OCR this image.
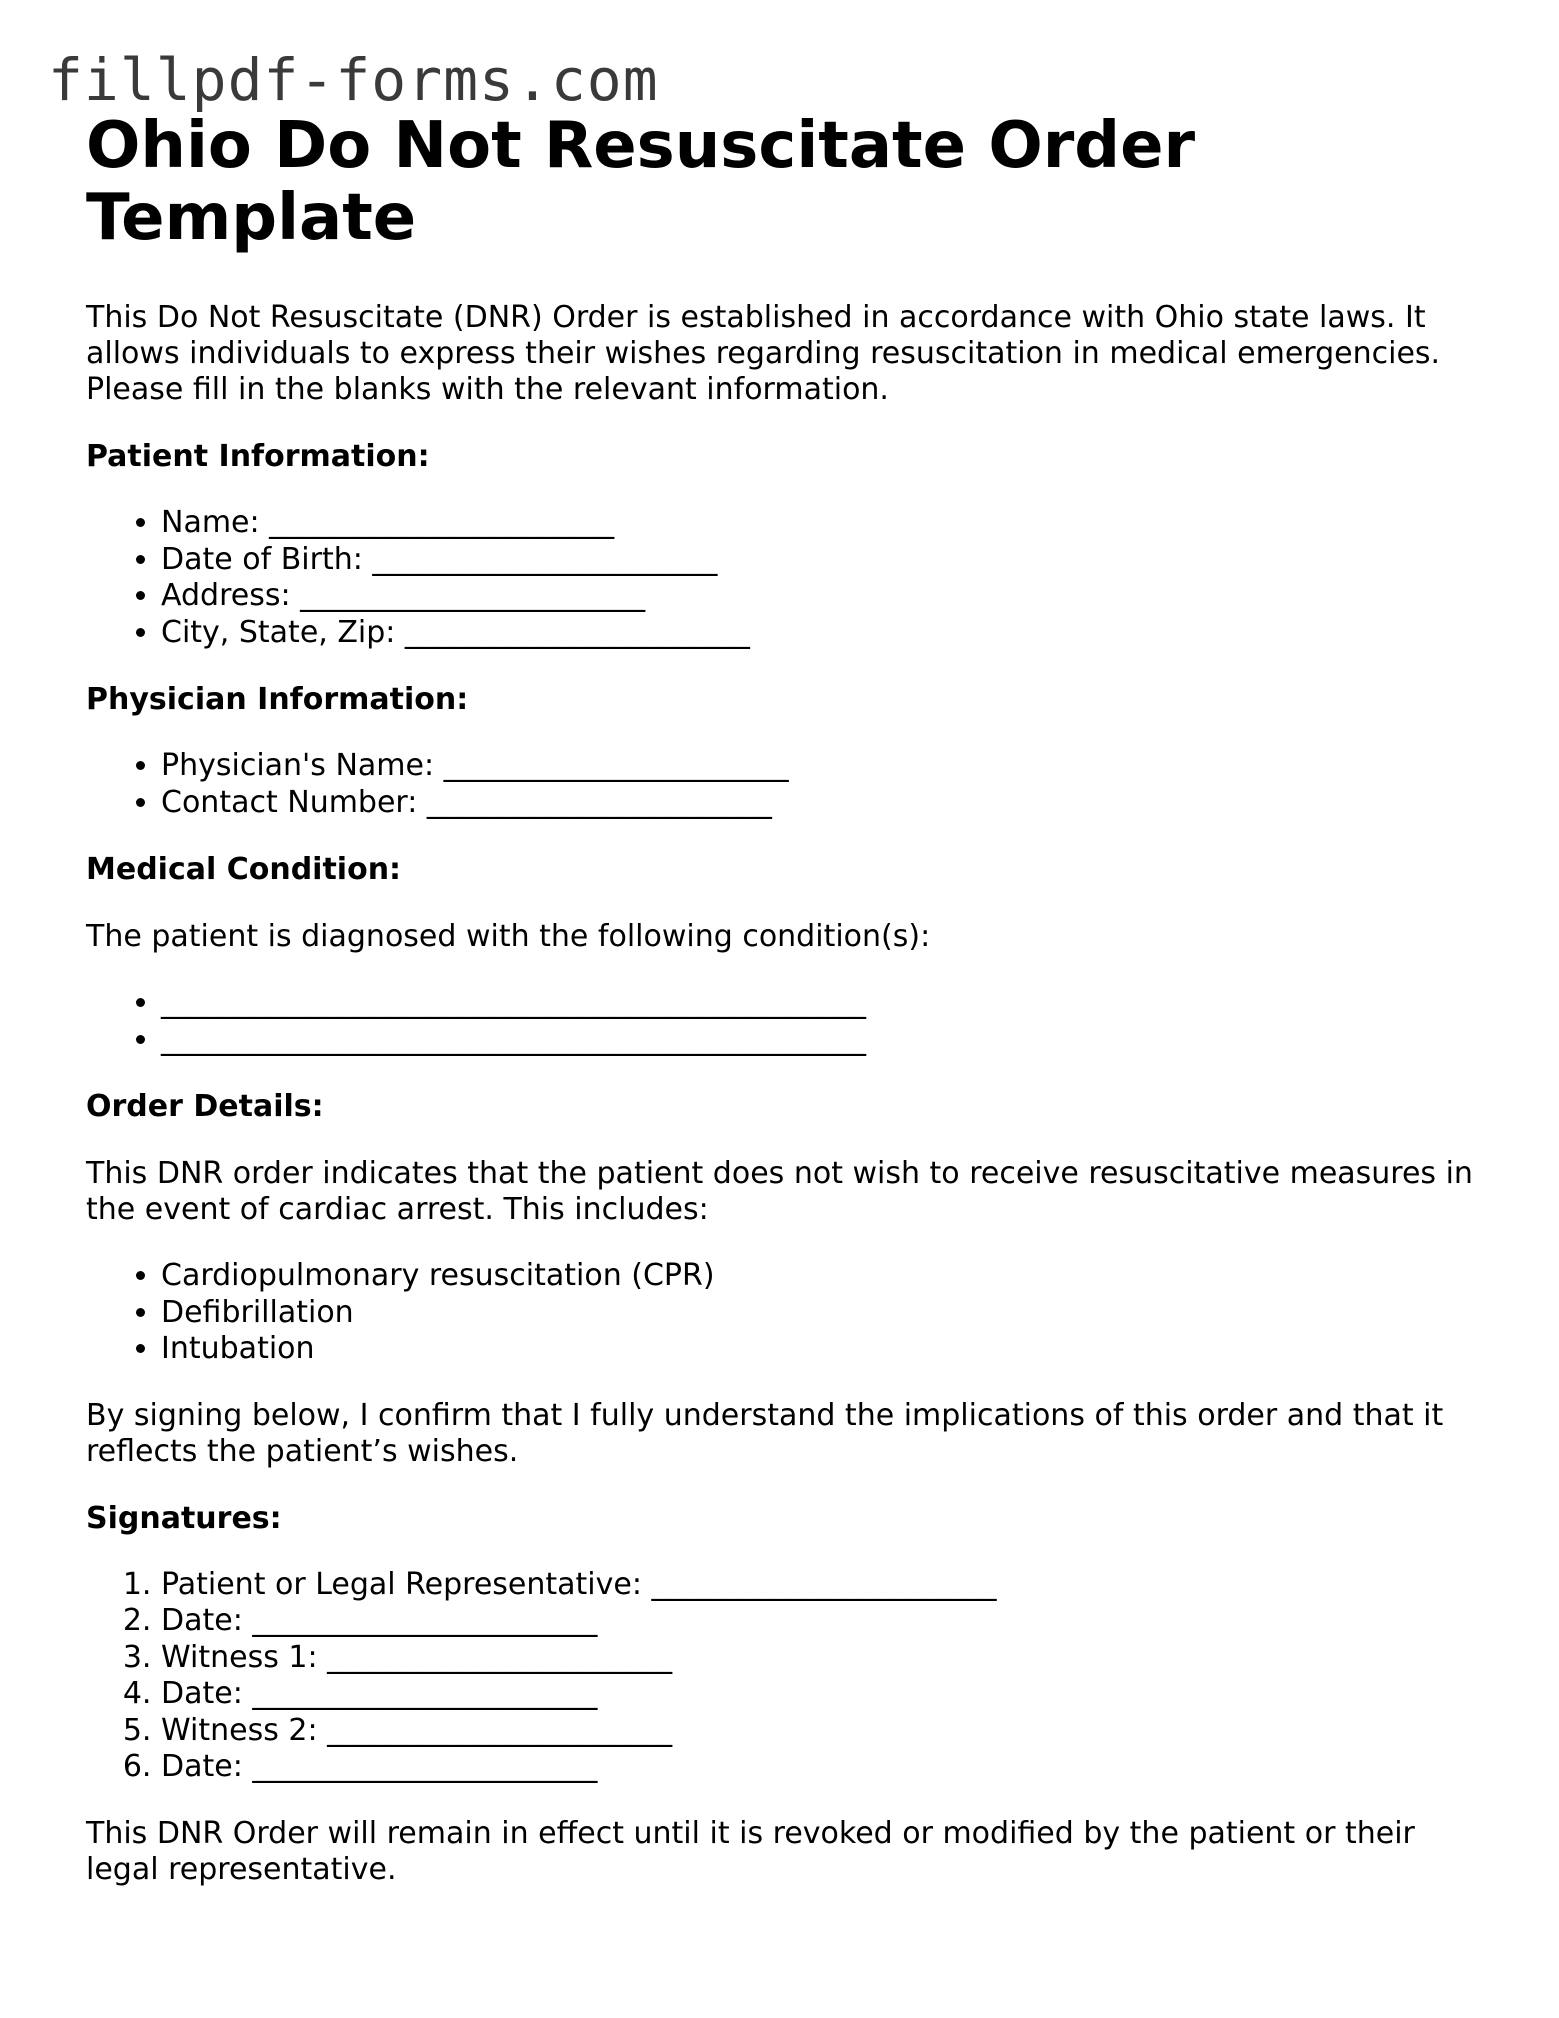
fillpdf-forms.com
Ohio Do Not Resuscitate Order Template

This Do Not Resuscitate (DNR) Order is established in accordance with Ohio state laws. It allows individuals to express their wishes regarding resuscitation in medical emergencies. Please fill in the blanks with the relevant information.

Patient Information:
• Name: _______________________
• Date of Birth: _______________________
• Address: _______________________
• City, State, Zip: _______________________
Physician Information:
• Physician's Name: _______________________
• Contact Number: _______________________
Medical Condition:

The patient is diagnosed with the following condition(s):

• _______________________________________________
• _______________________________________________
Order Details:

This DNR order indicates that the patient does not wish to receive resuscitative measures in the event of cardiac arrest. This includes:

• Cardiopulmonary resuscitation (CPR)
• Defibrillation
• Intubation

By signing below, I confirm that I fully understand the implications of this order and that it reflects the patient’s wishes.

Signatures:
1. Patient or Legal Representative: _______________________
2. Date: _______________________
3. Witness 1: _______________________
4. Date: _______________________
5. Witness 2: _______________________
6. Date: _______________________

This DNR Order will remain in effect until it is revoked or modified by the patient or their legal representative.
